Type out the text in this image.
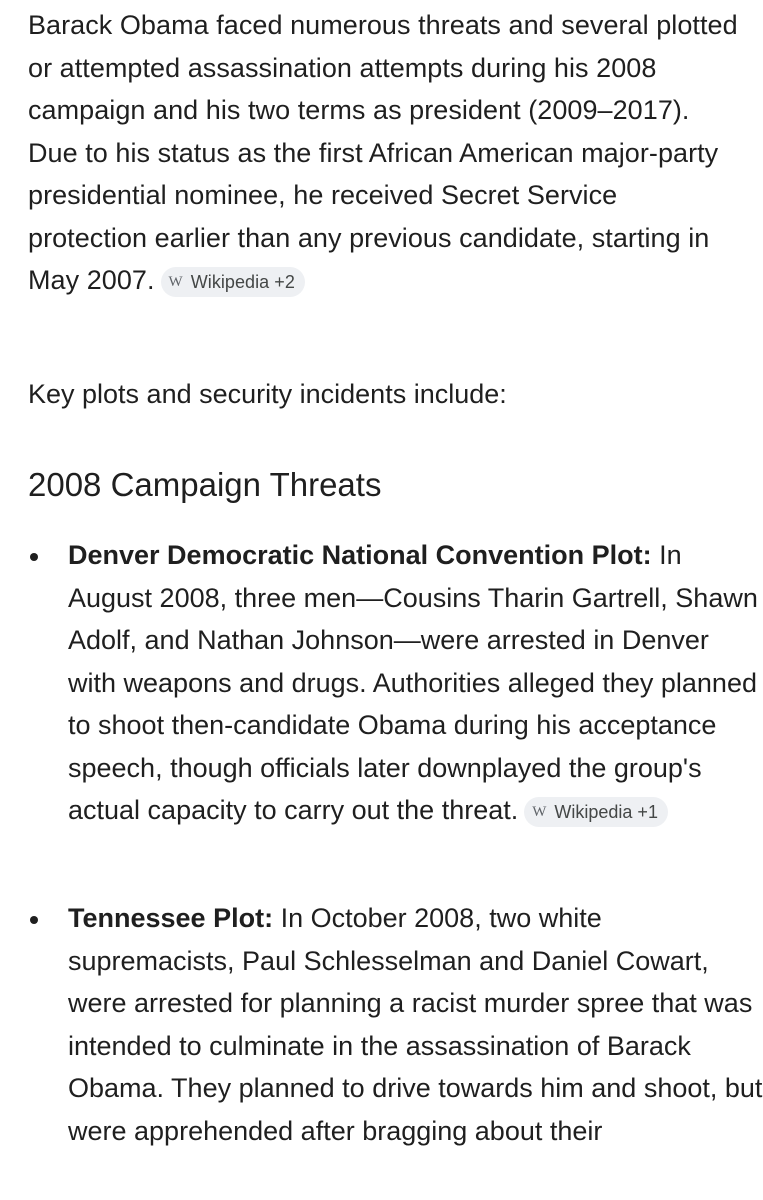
Barack Obama faced numerous threats and several plotted or attempted assassination attempts during his 2008 campaign and his two terms as president (2009–2017). Due to his status as the first African American major-party presidential nominee, he received Secret Service protection earlier than any previous candidate, starting in May 2007. W Wikipedia +2

Key plots and security incidents include:

2008 Campaign Threats
Denver Democratic National Convention Plot: In August 2008, three men—Cousins Tharin Gartrell, Shawn Adolf, and Nathan Johnson—were arrested in Denver with weapons and drugs. Authorities alleged they planned to shoot then-candidate Obama during his acceptance speech, though officials later downplayed the group's actual capacity to carry out the threat. W Wikipedia +1
Tennessee Plot: In October 2008, two white supremacists, Paul Schlesselman and Daniel Cowart, were arrested for planning a racist murder spree that was intended to culminate in the assassination of Barack Obama. They planned to drive towards him and shoot, but were apprehended after bragging about their
